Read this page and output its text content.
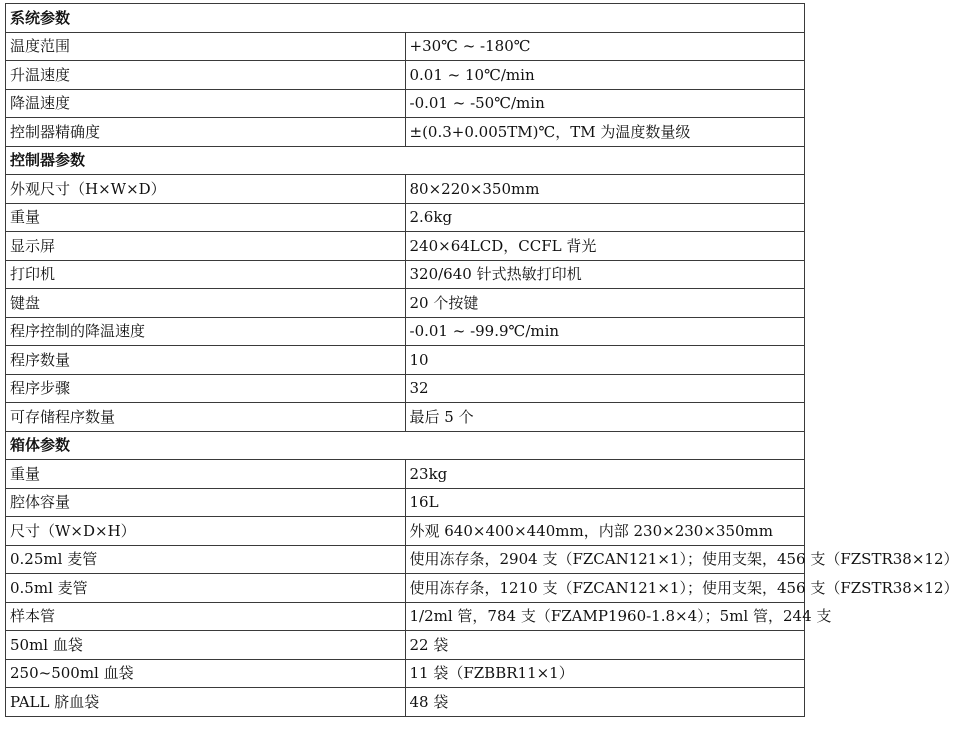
系统参数	
温度范围	+30℃ ~ -180℃
升温速度	0.01 ~ 10℃/min
降温速度	-0.01 ~ -50℃/min
控制器精确度	±(0.3+0.005TM)℃，TM 为温度数量级
控制器参数	
外观尺寸（H×W×D）	80×220×350mm
重量	2.6kg
显示屏	240×64LCD，CCFL 背光
打印机	320/640 针式热敏打印机
键盘	20 个按键
程序控制的降温速度	-0.01 ~ -99.9℃/min
程序数量	10
程序步骤	32
可存储程序数量	最后 5 个
箱体参数	
重量	23kg
腔体容量	16L
尺寸（W×D×H）	外观 640×400×440mm，内部 230×230×350mm
0.25ml 麦管	使用冻存条，2904 支（FZCAN121×1）；使用支架，456 支（FZSTR38×12）
0.5ml 麦管	使用冻存条，1210 支（FZCAN121×1）；使用支架，456 支（FZSTR38×12）
样本管	1/2ml 管，784 支（FZAMP1960-1.8×4）；5ml 管，244 支
50ml 血袋	22 袋
250~500ml 血袋	11 袋（FZBBR11×1）
PALL 脐血袋	48 袋
